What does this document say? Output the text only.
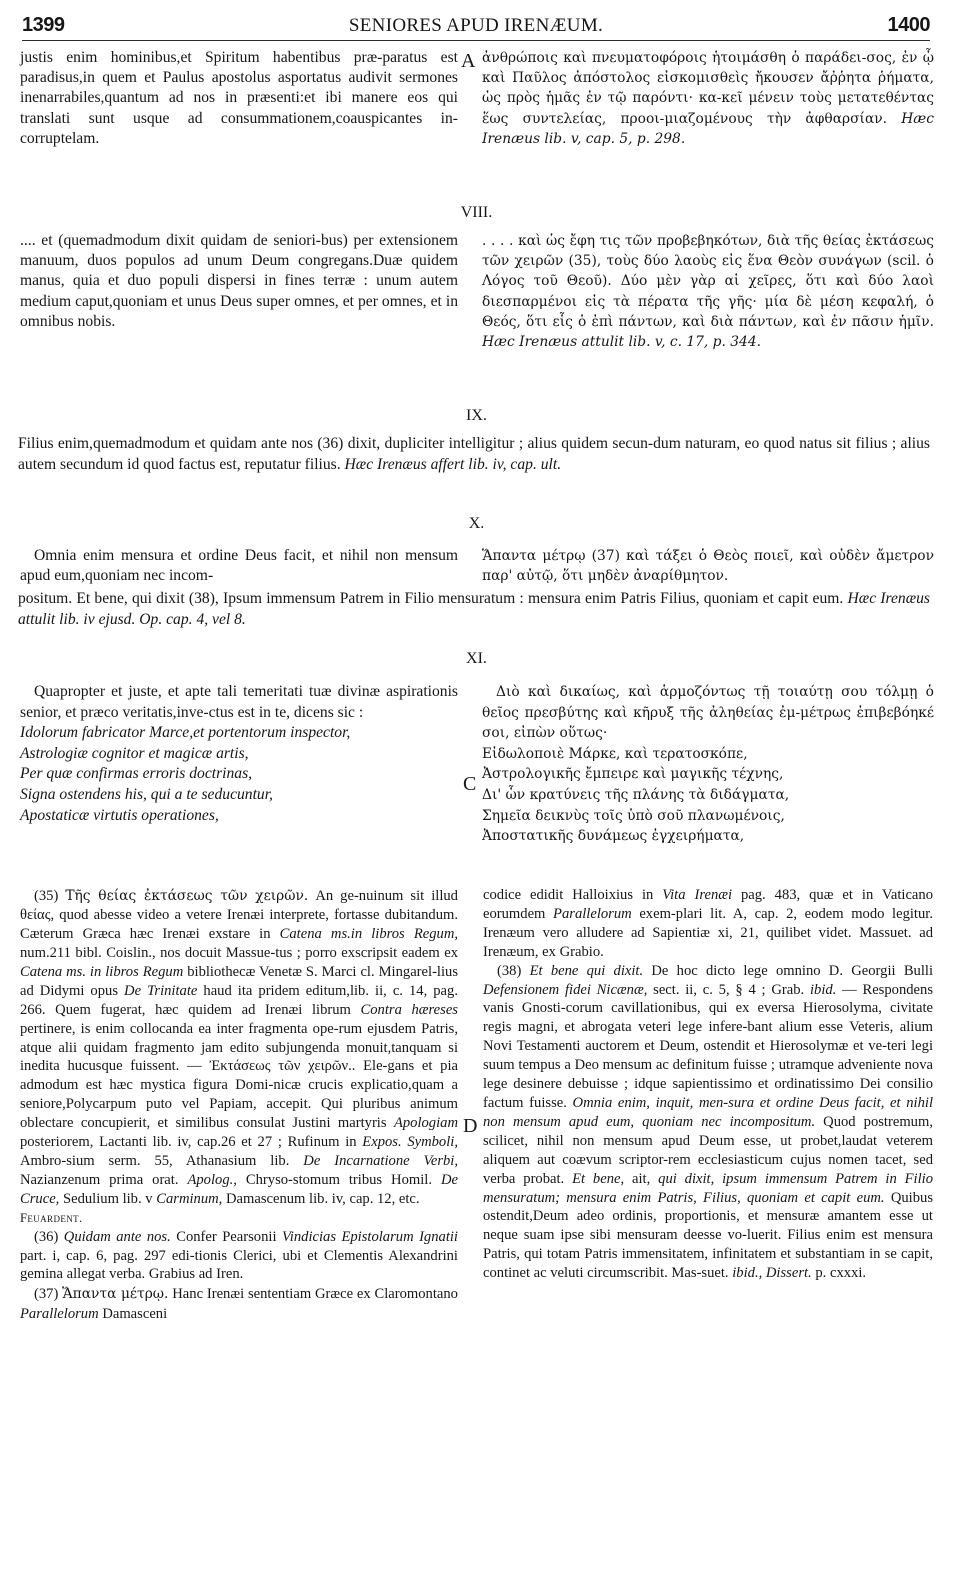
1399	SENIORES APUD IRENÆUM.	1400

justis enim hominibus,et Spiritum habentibus præ-paratus est paradisus,in quem et Paulus apostolus asportatus audivit sermones inenarrabiles,quantum ad nos in præsenti:et ibi manere eos qui translati sunt usque ad consummationem,coauspicantes in-corruptelam.

A ἀνθρώποις καὶ πνευματοφόροις ἡτοιμάσθη ὁ παράδει-σος, ἐν ᾧ καὶ Παῦλος ἀπόστολος εἰσκομισθεὶς ἤκουσεν ἄῤῥητα ῥήματα, ὡς πρὸς ἡμᾶς ἐν τῷ παρόντι· κα-κεῖ μένειν τοὺς μετατεθέντας ἕως συντελείας, προοι-μιαζομένους τὴν ἀφθαρσίαν. Hæc Irenæus lib. v, cap. 5, p. 298.

VIII.

.... et (quemadmodum dixit quidam de seniori-bus) per extensionem manuum, duos populos ad unum Deum congregans.Duæ quidem manus, quia et duo populi dispersi in fines terræ : unum autem medium caput,quoniam et unus Deus super omnes, et per omnes, et in omnibus nobis.

. . . . καὶ ὡς ἔφη τις τῶν προβεβηκότων, διὰ τῆς θείας ἐκτάσεως τῶν χειρῶν (35), τοὺς δύο λαοὺς εἰς ἕνα Θεὸν συνάγων (scil. ὁ Λόγος τοῦ Θεοῦ). Δύο μὲν γὰρ αἱ χεῖρες, ὅτι καὶ δύο λαοὶ διεσπαρμένοι εἰς τὰ πέρατα τῆς γῆς· μία δὲ μέση κεφαλή, ὁ Θεός, ὅτι εἷς ὁ ἐπὶ πάντων, καὶ διὰ πάντων, καὶ ἐν πᾶσιν ἡμῖν. Hæc Irenæus attulit lib. v, c. 17, p. 344.

IX.

Filius enim,quemadmodum et quidam ante nos (36) dixit, dupliciter intelligitur ; alius quidem secun-dum naturam, eo quod natus sit filius ; alius autem secundum id quod factus est, reputatur filius. Hæc Irenæus affert lib. iv, cap. ult.

X.

Omnia enim mensura et ordine Deus facit, et nihil non mensum apud eum,quoniam nec incom-

Ἅπαντα μέτρῳ (37) καὶ τάξει ὁ Θεὸς ποιεῖ, καὶ οὐδὲν ἄμετρον παρ' αὐτῷ, ὅτι μηδὲν ἀναρίθμητον.

positum. Et bene, qui dixit (38), Ipsum immensum Patrem in Filio mensuratum : mensura enim Patris Filius, quoniam et capit eum. Hæc Irenæus attulit lib. iv ejusd. Op. cap. 4, vel 8.

XI.

Quapropter et juste, et apte tali temeritati tuæ divinæ aspirationis senior, et præco veritatis,inve-ctus est in te, dicens sic :

Idolorum fabricator Marce,et portentorum inspector,

Astrologiæ cognitor et magicæ artis,

Per quæ confirmas erroris doctrinas,

Signa ostendens his, qui a te seducuntur,

Apostaticæ virtutis operationes,

C

Διὸ καὶ δικαίως, καὶ ἁρμοζόντως τῇ τοιαύτῃ σου τόλμῃ ὁ θεῖος πρεσβύτης καὶ κῆρυξ τῆς ἀληθείας ἐμ-μέτρως ἐπιβεβόηκέ σοι, εἰπὼν οὕτως·

Εἰδωλοποιὲ Μάρκε, καὶ τερατοσκόπε,

Ἀστρολογικῆς ἔμπειρε καὶ μαγικῆς τέχνης,

Δι' ὧν κρατύνεις τῆς πλάνης τὰ διδάγματα,

Σημεῖα δεικνὺς τοῖς ὑπὸ σοῦ πλανωμένοις,

Ἀποστατικῆς δυνάμεως ἐγχειρήματα,

(35) Τῆς θείας ἐκτάσεως τῶν χειρῶν. An ge-nuinum sit illud θείας, quod abesse video a vetere Irenæi interprete, fortasse dubitandum. Cæterum Græca hæc Irenæi exstare in Catena ms.in libros Regum, num.211 bibl. Coislin., nos docuit Massue-tus ; porro exscripsit eadem ex Catena ms. in libros Regum bibliothecæ Venetæ S. Marci cl. Mingarel-lius ad Didymi opus De Trinitate haud ita pridem editum,lib. ii, c. 14, pag. 266. Quem fugerat, hæc quidem ad Irenæi librum Contra hæreses pertinere, is enim collocanda ea inter fragmenta ope-rum ejusdem Patris, atque alii quidam fragmento jam edito subjungenda monuit,tanquam si inedita hucusque fuissent. — Ἐκτάσεως τῶν χειρῶν.. Ele-gans et pia admodum est hæc mystica figura Domi-nicæ crucis explicatio,quam a seniore,Polycarpum puto vel Papiam, accepit. Qui pluribus animum oblectare concupierit, et similibus consulat Justini martyris Apologiam posteriorem, Lactanti lib. iv, cap.26 et 27 ; Rufinum in Expos. Symboli, Ambro-sium serm. 55, Athanasium lib. De Incarnatione Verbi, Nazianzenum prima orat. Apolog., Chryso-stomum tribus Homil. De Cruce, Sedulium lib. v Carminum, Damascenum lib. iv, cap. 12, etc.

Feuardent.

(36) Quidam ante nos. Confer Pearsonii Vindicias Epistolarum Ignatii part. i, cap. 6, pag. 297 edi-tionis Clerici, ubi et Clementis Alexandrini gemina allegat verba. Grabius ad Iren.

(37) Ἅπαντα μέτρῳ. Hanc Irenæi sententiam Græce ex Claromontano Parallelorum Damasceni

D

codice edidit Halloixius in Vita Irenæi pag. 483, quæ et in Vaticano eorumdem Parallelorum exem-plari lit. A, cap. 2, eodem modo legitur. Irenæum vero alludere ad Sapientiæ xi, 21, quilibet videt. Massuet. ad Irenæum, ex Grabio.

(38) Et bene qui dixit. De hoc dicto lege omnino D. Georgii Bulli Defensionem fidei Nicænæ, sect. ii, c. 5, § 4 ; Grab. ibid. — Respondens vanis Gnosti-corum cavillationibus, qui ex eversa Hierosolyma, civitate regis magni, et abrogata veteri lege infere-bant alium esse Veteris, alium Novi Testamenti auctorem et Deum, ostendit et Hierosolymæ et ve-teri legi suum tempus a Deo mensum ac definitum fuisse ; utramque adveniente nova lege desinere debuisse ; idque sapientissimo et ordinatissimo Dei consilio factum fuisse. Omnia enim, inquit, men-sura et ordine Deus facit, et nihil non mensum apud eum, quoniam nec incompositum. Quod postremum, scilicet, nihil non mensum apud Deum esse, ut probet,laudat veterem aliquem aut coævum scriptor-rem ecclesiasticum cujus nomen tacet, sed verba probat. Et bene, ait, qui dixit, ipsum immensum Patrem in Filio mensuratum; mensura enim Patris, Filius, quoniam et capit eum. Quibus ostendit,Deum adeo ordinis, proportionis, et mensuræ amantem esse ut neque suam ipse sibi mensuram deesse vo-luerit. Filius enim est mensura Patris, qui totam Patris immensitatem, infinitatem et substantiam in se capit, continet ac veluti circumscribit. Mas-suet. ibid., Dissert. p. cxxxi.
